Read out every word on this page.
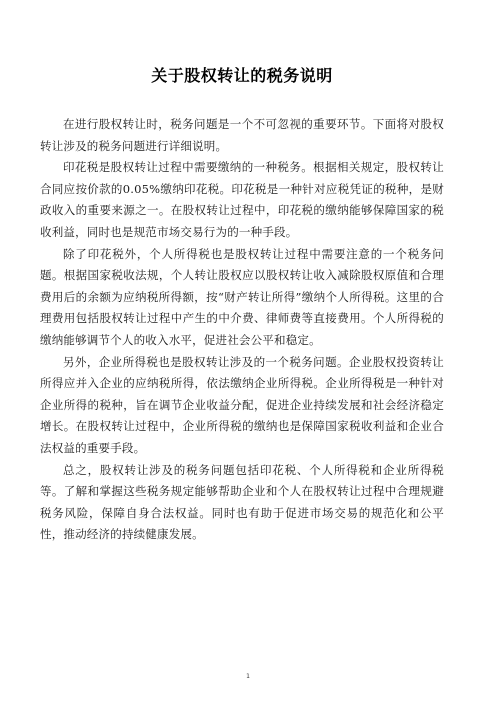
关于股权转让的税务说明

在进行股权转让时，税务问题是一个不可忽视的重要环节。下面将对股权转让涉及的税务问题进行详细说明。

印花税是股权转让过程中需要缴纳的一种税务。根据相关规定，股权转让合同应按价款的0.05%缴纳印花税。印花税是一种针对应税凭证的税种，是财政收入的重要来源之一。在股权转让过程中，印花税的缴纳能够保障国家的税收利益，同时也是规范市场交易行为的一种手段。

除了印花税外，个人所得税也是股权转让过程中需要注意的一个税务问题。根据国家税收法规，个人转让股权应以股权转让收入减除股权原值和合理费用后的余额为应纳税所得额，按“财产转让所得”缴纳个人所得税。这里的合理费用包括股权转让过程中产生的中介费、律师费等直接费用。个人所得税的缴纳能够调节个人的收入水平，促进社会公平和稳定。

另外，企业所得税也是股权转让涉及的一个税务问题。企业股权投资转让所得应并入企业的应纳税所得，依法缴纳企业所得税。企业所得税是一种针对企业所得的税种，旨在调节企业收益分配，促进企业持续发展和社会经济稳定增长。在股权转让过程中，企业所得税的缴纳也是保障国家税收利益和企业合法权益的重要手段。

总之，股权转让涉及的税务问题包括印花税、个人所得税和企业所得税等。了解和掌握这些税务规定能够帮助企业和个人在股权转让过程中合理规避税务风险，保障自身合法权益。同时也有助于促进市场交易的规范化和公平性，推动经济的持续健康发展。

1
